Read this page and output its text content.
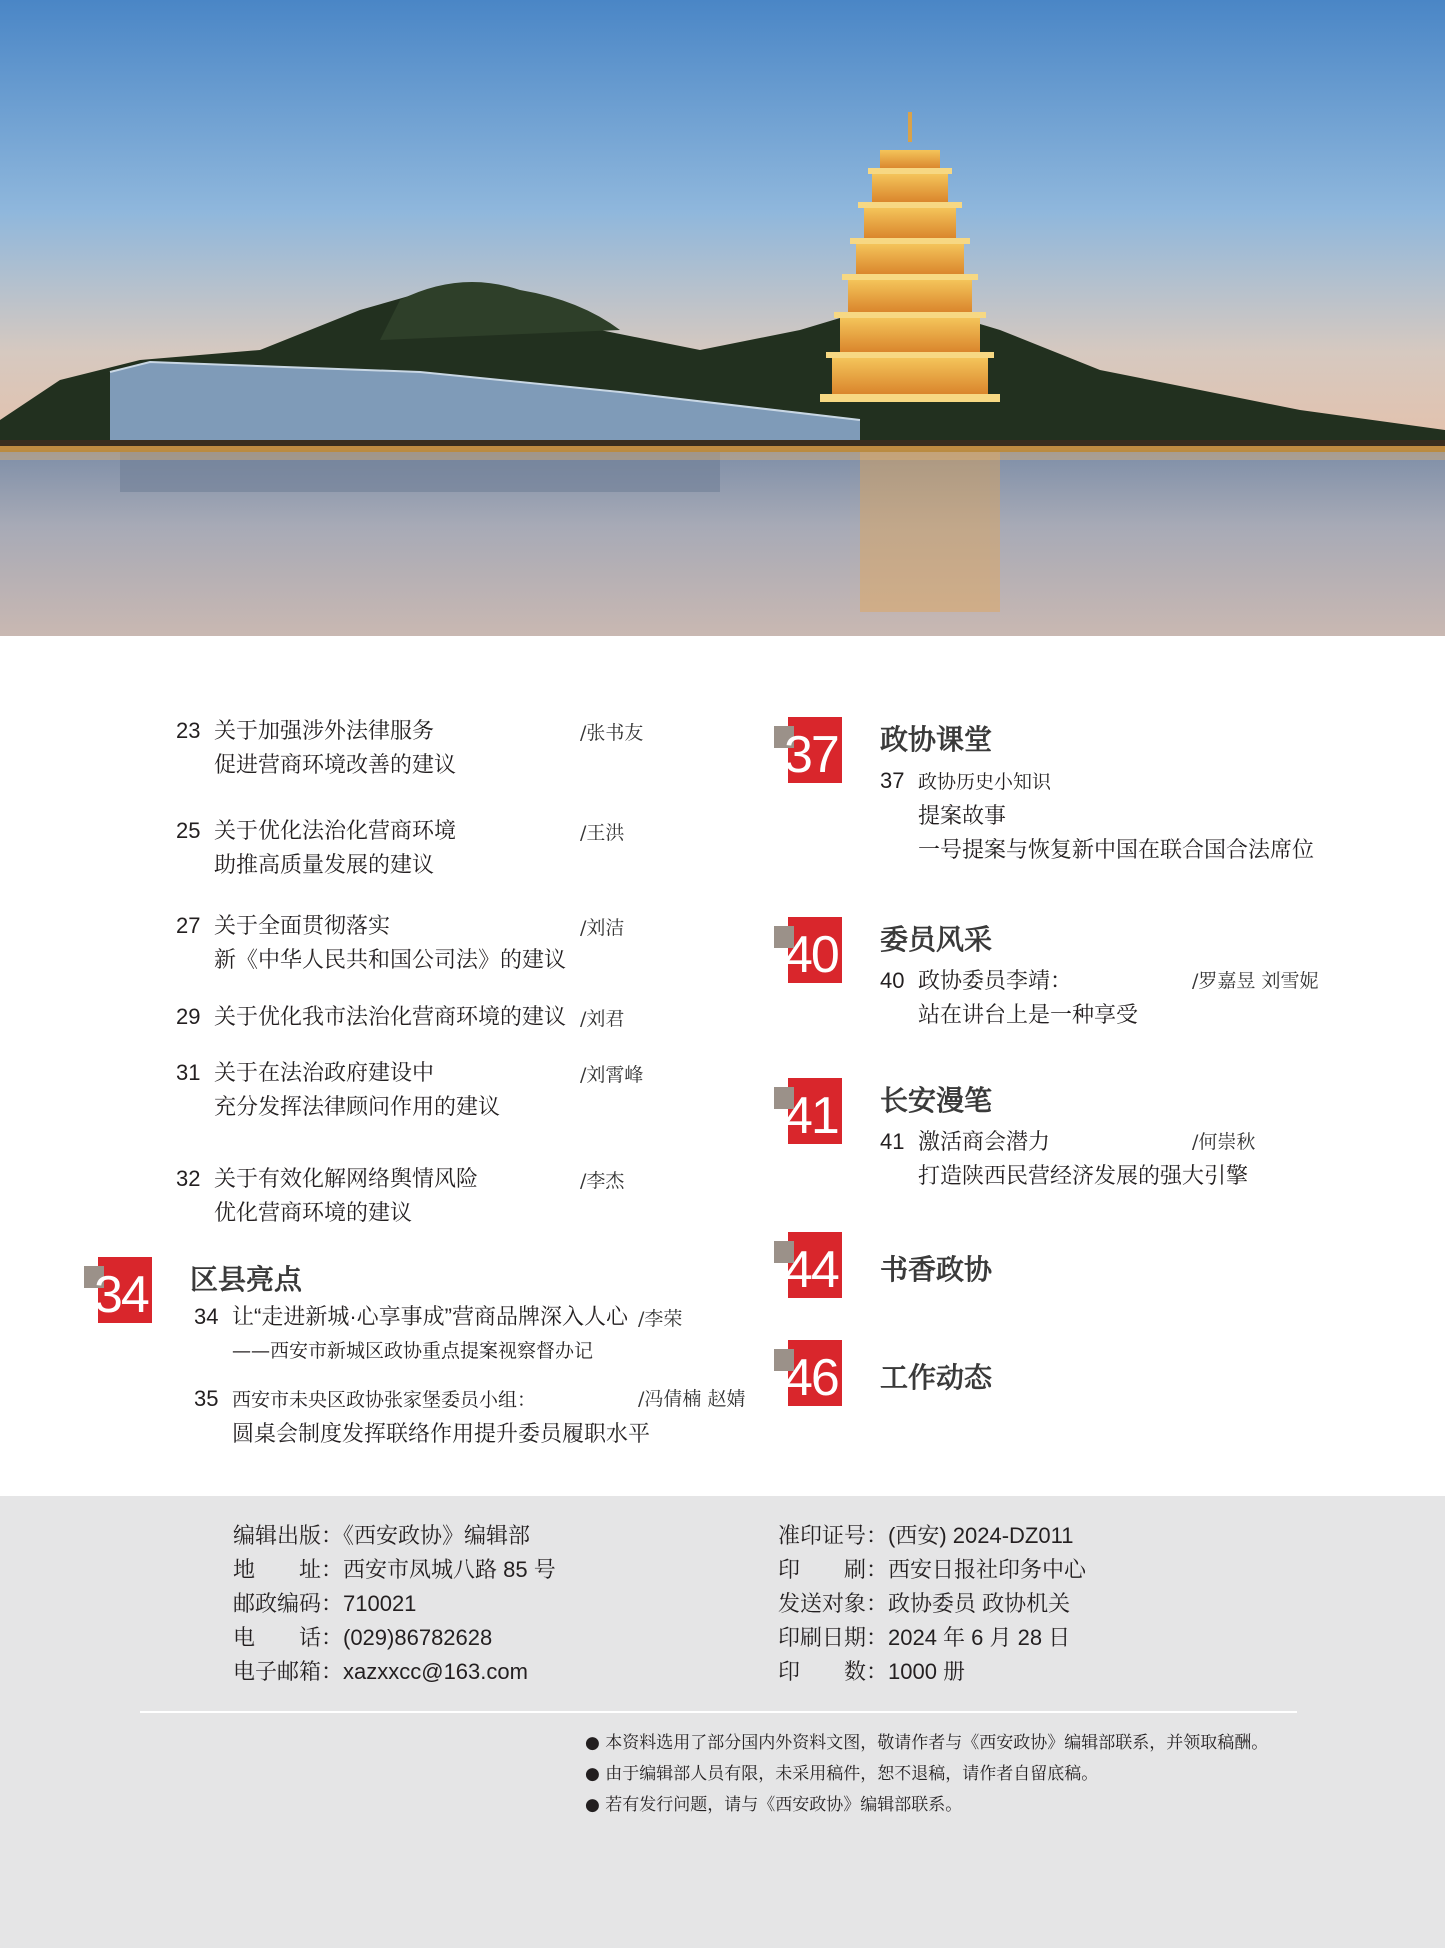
23 关于加强涉外法律服务
促进营商环境改善的建议
/张书友
25 关于优化法治化营商环境
助推高质量发展的建议
/王洪
27 关于全面贯彻落实
新《中华人民共和国公司法》的建议
/刘洁
29 关于优化我市法治化营商环境的建议 /刘君
31 关于在法治政府建设中
充分发挥法律顾问作用的建议
/刘霄峰
32 关于有效化解网络舆情风险
优化营商环境的建议
/李杰
34 区县亮点
34 让“走进新城·心享事成”营商品牌深入人心
——西安市新城区政协重点提案视察督办记
/李荣
35 西安市未央区政协张家堡委员小组：
圆桌会制度发挥联络作用提升委员履职水平
/冯倩楠 赵婧
37 政协课堂
37 政协历史小知识
提案故事
一号提案与恢复新中国在联合国合法席位
40 委员风采
40 政协委员李靖：
站在讲台上是一种享受
/罗嘉昱 刘雪妮
41 长安漫笔
41 激活商会潜力
打造陕西民营经济发展的强大引擎
/何崇秋
44 书香政协
46 工作动态
编辑出版：《西安政协》编辑部
地　　址：西安市凤城八路 85 号
邮政编码：710021
电　　话：(029)86782628
电子邮箱：xazxxcc@163.com
准印证号：(西安) 2024-DZ011
印　　刷：西安日报社印务中心
发送对象：政协委员 政协机关
印刷日期：2024 年 6 月 28 日
印　　数：1000 册
● 本资料选用了部分国内外资料文图，敬请作者与《西安政协》编辑部联系，并领取稿酬。
● 由于编辑部人员有限，未采用稿件，恕不退稿，请作者自留底稿。
● 若有发行问题，请与《西安政协》编辑部联系。
